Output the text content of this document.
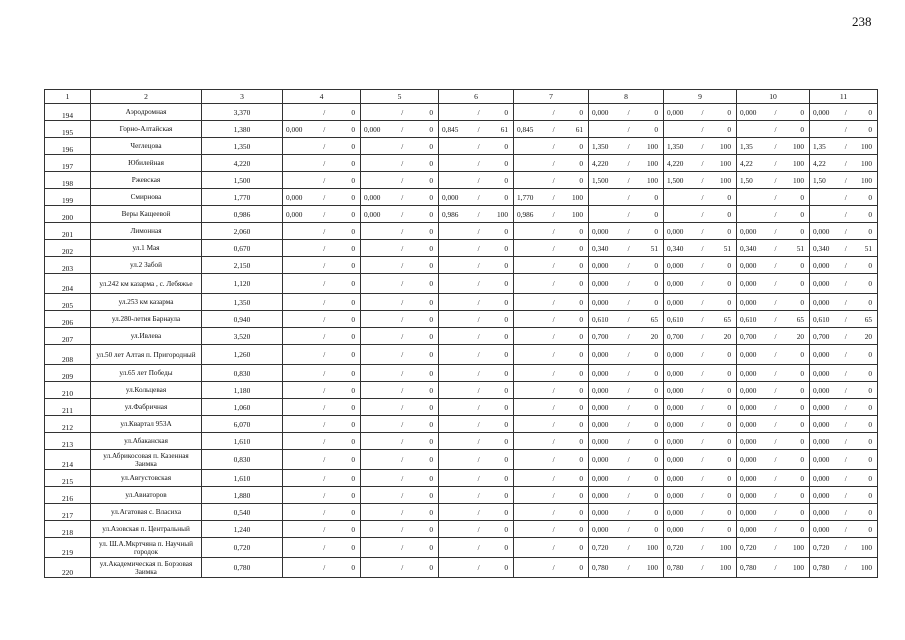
238
1	2	3	4	5	6	7	8	9	10	11
194	Аэродромная	3,370	/ 0	/ 0	/ 0	/ 0	0,000 / 0	0,000 / 0	0,000 / 0	0,000 / 0

195	Горно-Алтайская	1,380	0,000 / 0	0,000 / 0	0,845 / 61	0,845 / 61	/ 0	/ 0	/ 0	/ 0

196	Чеглецова	1,350	/ 0	/ 0	/ 0	/ 0	1,350 / 100	1,350 / 100	1,35 / 100	1,35 / 100

197	Юбилейная	4,220	/ 0	/ 0	/ 0	/ 0	4,220 / 100	4,220 / 100	4,22 / 100	4,22 / 100

198	Ржевская	1,500	/ 0	/ 0	/ 0	/ 0	1,500 / 100	1,500 / 100	1,50 / 100	1,50 / 100

199	Смирнова	1,770	0,000 / 0	0,000 / 0	0,000 / 0	1,770 / 100	/ 0	/ 0	/ 0	/ 0

200	Веры Кащеевой	0,986	0,000 / 0	0,000 / 0	0,986 / 100	0,986 / 100	/ 0	/ 0	/ 0	/ 0

201	Лимонная	2,060	/ 0	/ 0	/ 0	/ 0	0,000 / 0	0,000 / 0	0,000 / 0	0,000 / 0

202	ул.1 Мая	0,670	/ 0	/ 0	/ 0	/ 0	0,340 / 51	0,340 / 51	0,340 / 51	0,340 / 51

203	ул.2 Забой	2,150	/ 0	/ 0	/ 0	/ 0	0,000 / 0	0,000 / 0	0,000 / 0	0,000 / 0

204	ул.242 км казарма , с. Лебяжье	1,120	/ 0	/ 0	/ 0	/ 0	0,000 / 0	0,000 / 0	0,000 / 0	0,000 / 0

205	ул.253 км казарма	1,350	/ 0	/ 0	/ 0	/ 0	0,000 / 0	0,000 / 0	0,000 / 0	0,000 / 0

206	ул.280-летия Барнаула	0,940	/ 0	/ 0	/ 0	/ 0	0,610 / 65	0,610 / 65	0,610 / 65	0,610 / 65

207	ул.Ивлева	3,520	/ 0	/ 0	/ 0	/ 0	0,700 / 20	0,700 / 20	0,700 / 20	0,700 / 20

208	ул.50 лет Алтая п. Пригородный	1,260	/ 0	/ 0	/ 0	/ 0	0,000 / 0	0,000 / 0	0,000 / 0	0,000 / 0

209	ул.65 лет Победы	0,830	/ 0	/ 0	/ 0	/ 0	0,000 / 0	0,000 / 0	0,000 / 0	0,000 / 0

210	ул.Кольцевая	1,180	/ 0	/ 0	/ 0	/ 0	0,000 / 0	0,000 / 0	0,000 / 0	0,000 / 0

211	ул.Фабричная	1,060	/ 0	/ 0	/ 0	/ 0	0,000 / 0	0,000 / 0	0,000 / 0	0,000 / 0

212	ул.Квартал 953А	6,070	/ 0	/ 0	/ 0	/ 0	0,000 / 0	0,000 / 0	0,000 / 0	0,000 / 0

213	ул.Абаканская	1,610	/ 0	/ 0	/ 0	/ 0	0,000 / 0	0,000 / 0	0,000 / 0	0,000 / 0

214	ул.Абрикосовая п. Казенная Заимка	0,830	/ 0	/ 0	/ 0	/ 0	0,000 / 0	0,000 / 0	0,000 / 0	0,000 / 0

215	ул.Августовская	1,610	/ 0	/ 0	/ 0	/ 0	0,000 / 0	0,000 / 0	0,000 / 0	0,000 / 0

216	ул.Авиаторов	1,880	/ 0	/ 0	/ 0	/ 0	0,000 / 0	0,000 / 0	0,000 / 0	0,000 / 0

217	ул.Агатовая с. Власиха	0,540	/ 0	/ 0	/ 0	/ 0	0,000 / 0	0,000 / 0	0,000 / 0	0,000 / 0

218	ул.Азовская п. Центральный	1,240	/ 0	/ 0	/ 0	/ 0	0,000 / 0	0,000 / 0	0,000 / 0	0,000 / 0

219	ул. Ш.А.Мкртчяна п. Научный городок	0,720	/ 0	/ 0	/ 0	/ 0	0,720 / 100	0,720 / 100	0,720 / 100	0,720 / 100

220	ул.Академическая п. Борзовая Заимка	0,780	/ 0	/ 0	/ 0	/ 0	0,780 / 100	0,780 / 100	0,780 / 100	0,780 / 100
